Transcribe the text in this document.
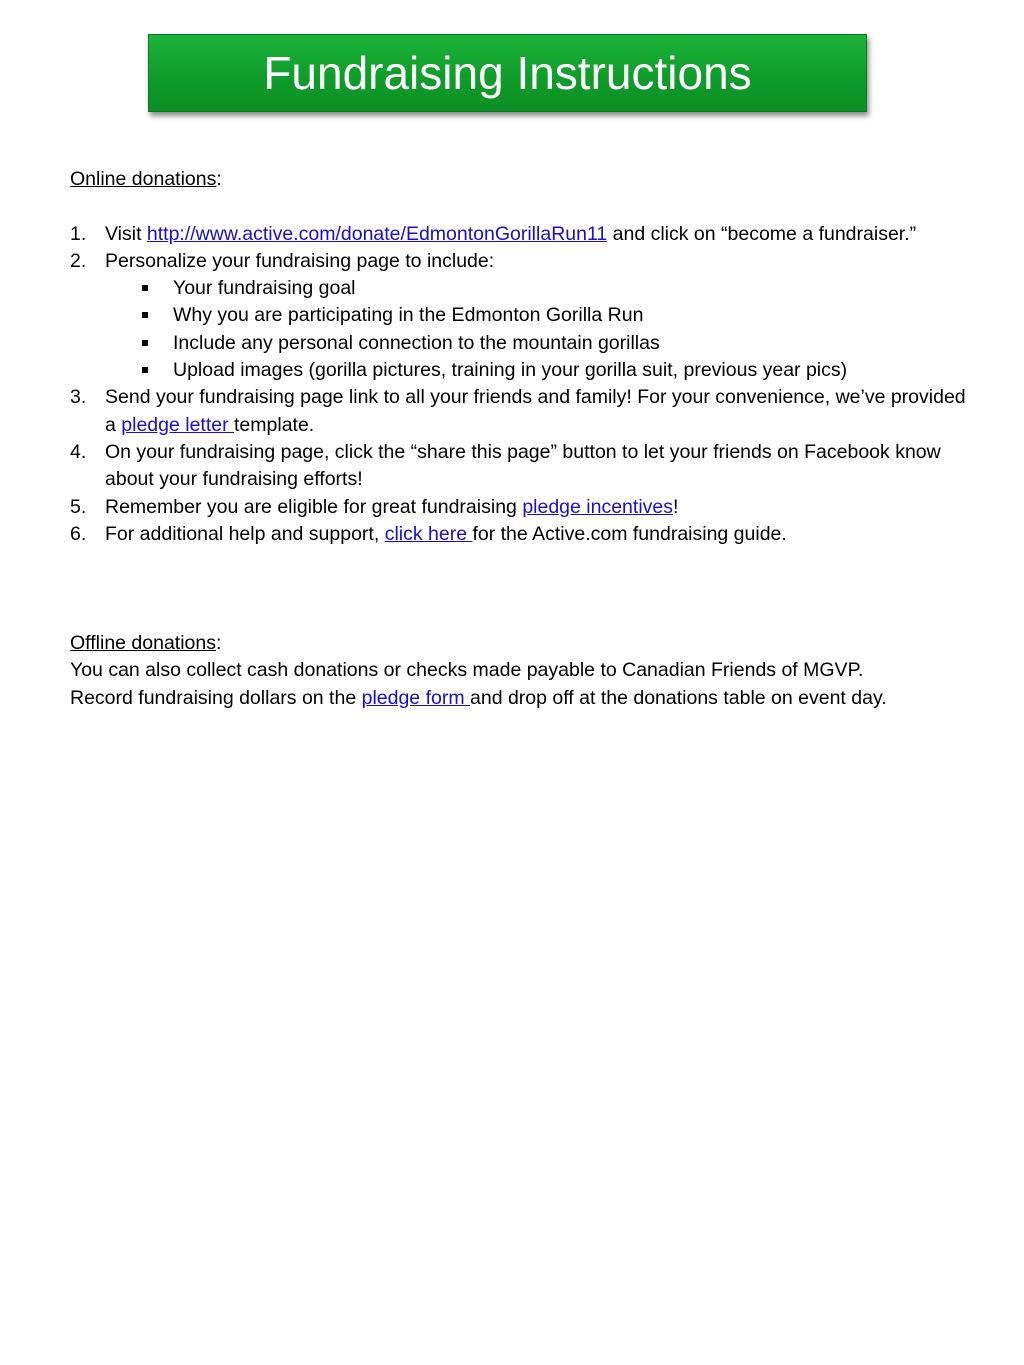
Fundraising Instructions
Online donations:
1. Visit http://www.active.com/donate/EdmontonGorillaRun11 and click on “become a fundraiser.”
2. Personalize your fundraising page to include:
Your fundraising goal
Why you are participating in the Edmonton Gorilla Run
Include any personal connection to the mountain gorillas
Upload images (gorilla pictures, training in your gorilla suit, previous year pics)
3. Send your fundraising page link to all your friends and family! For your convenience, we’ve provided a pledge letter template.
4. On your fundraising page, click the “share this page” button to let your friends on Facebook know about your fundraising efforts!
5. Remember you are eligible for great fundraising pledge incentives!
6. For additional help and support, click here for the Active.com fundraising guide.
Offline donations:
You can also collect cash donations or checks made payable to Canadian Friends of MGVP.
Record fundraising dollars on the pledge form and drop off at the donations table on event day.
